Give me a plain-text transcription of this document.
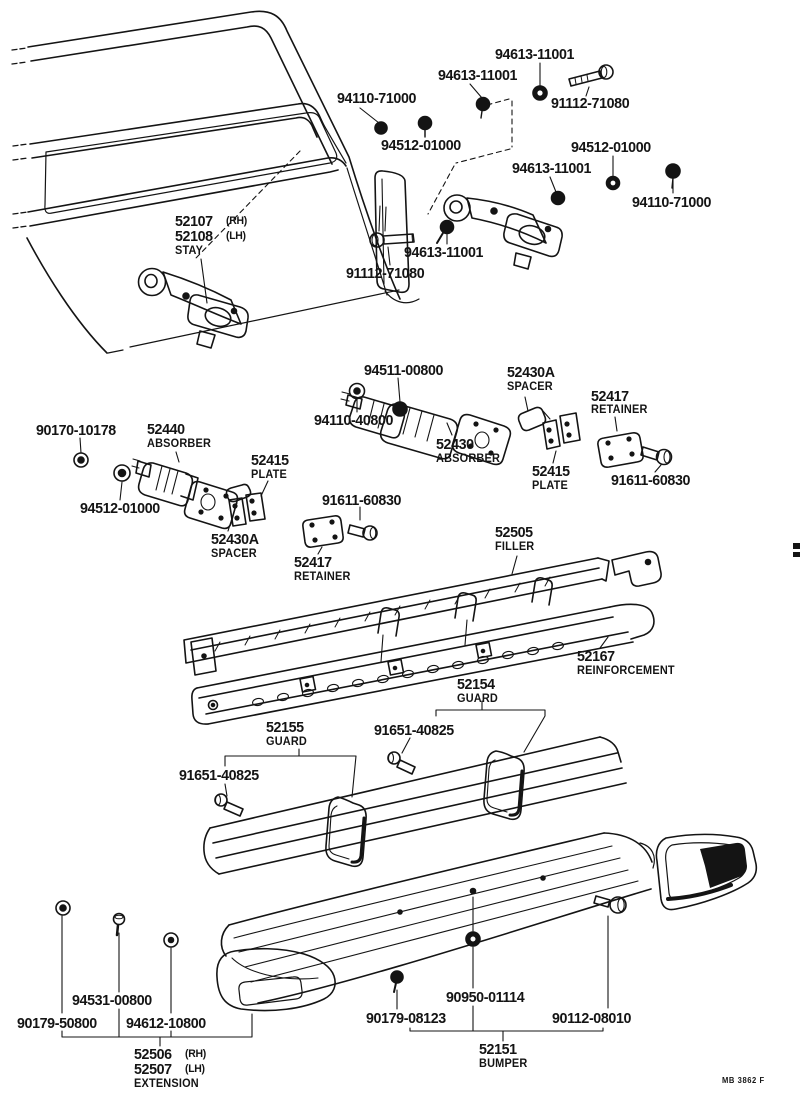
94613-11001
94613-11001
91112-71080
94110-71000
94512-01000	94512-01000
94613-11001
94110-71000
52107 (RH)
52108 (LH)
STAY	94613-11001
91112-71080
94511-00800	52430A
SPACER
52417
RETAINER
94110-40800
52430
ABSORBER
90170-10178 52440
ABSORBER
52415
PLATE
94512-01000	91611-60830
52430A
SPACER 52417
RETAINER
52505
FILLER
52415
PLATE	91611-60830
52167
REINFORCEMENT
52154
GUARD
52155
GUARD
91651-40825
91651-40825
94531-00800
90179-50800 94612-10800
52506 (RH)
52507 (LH)
EXTENSION
90950-01114
90179-08123	90112-08010
52151
BUMPER
MB 3862 F
